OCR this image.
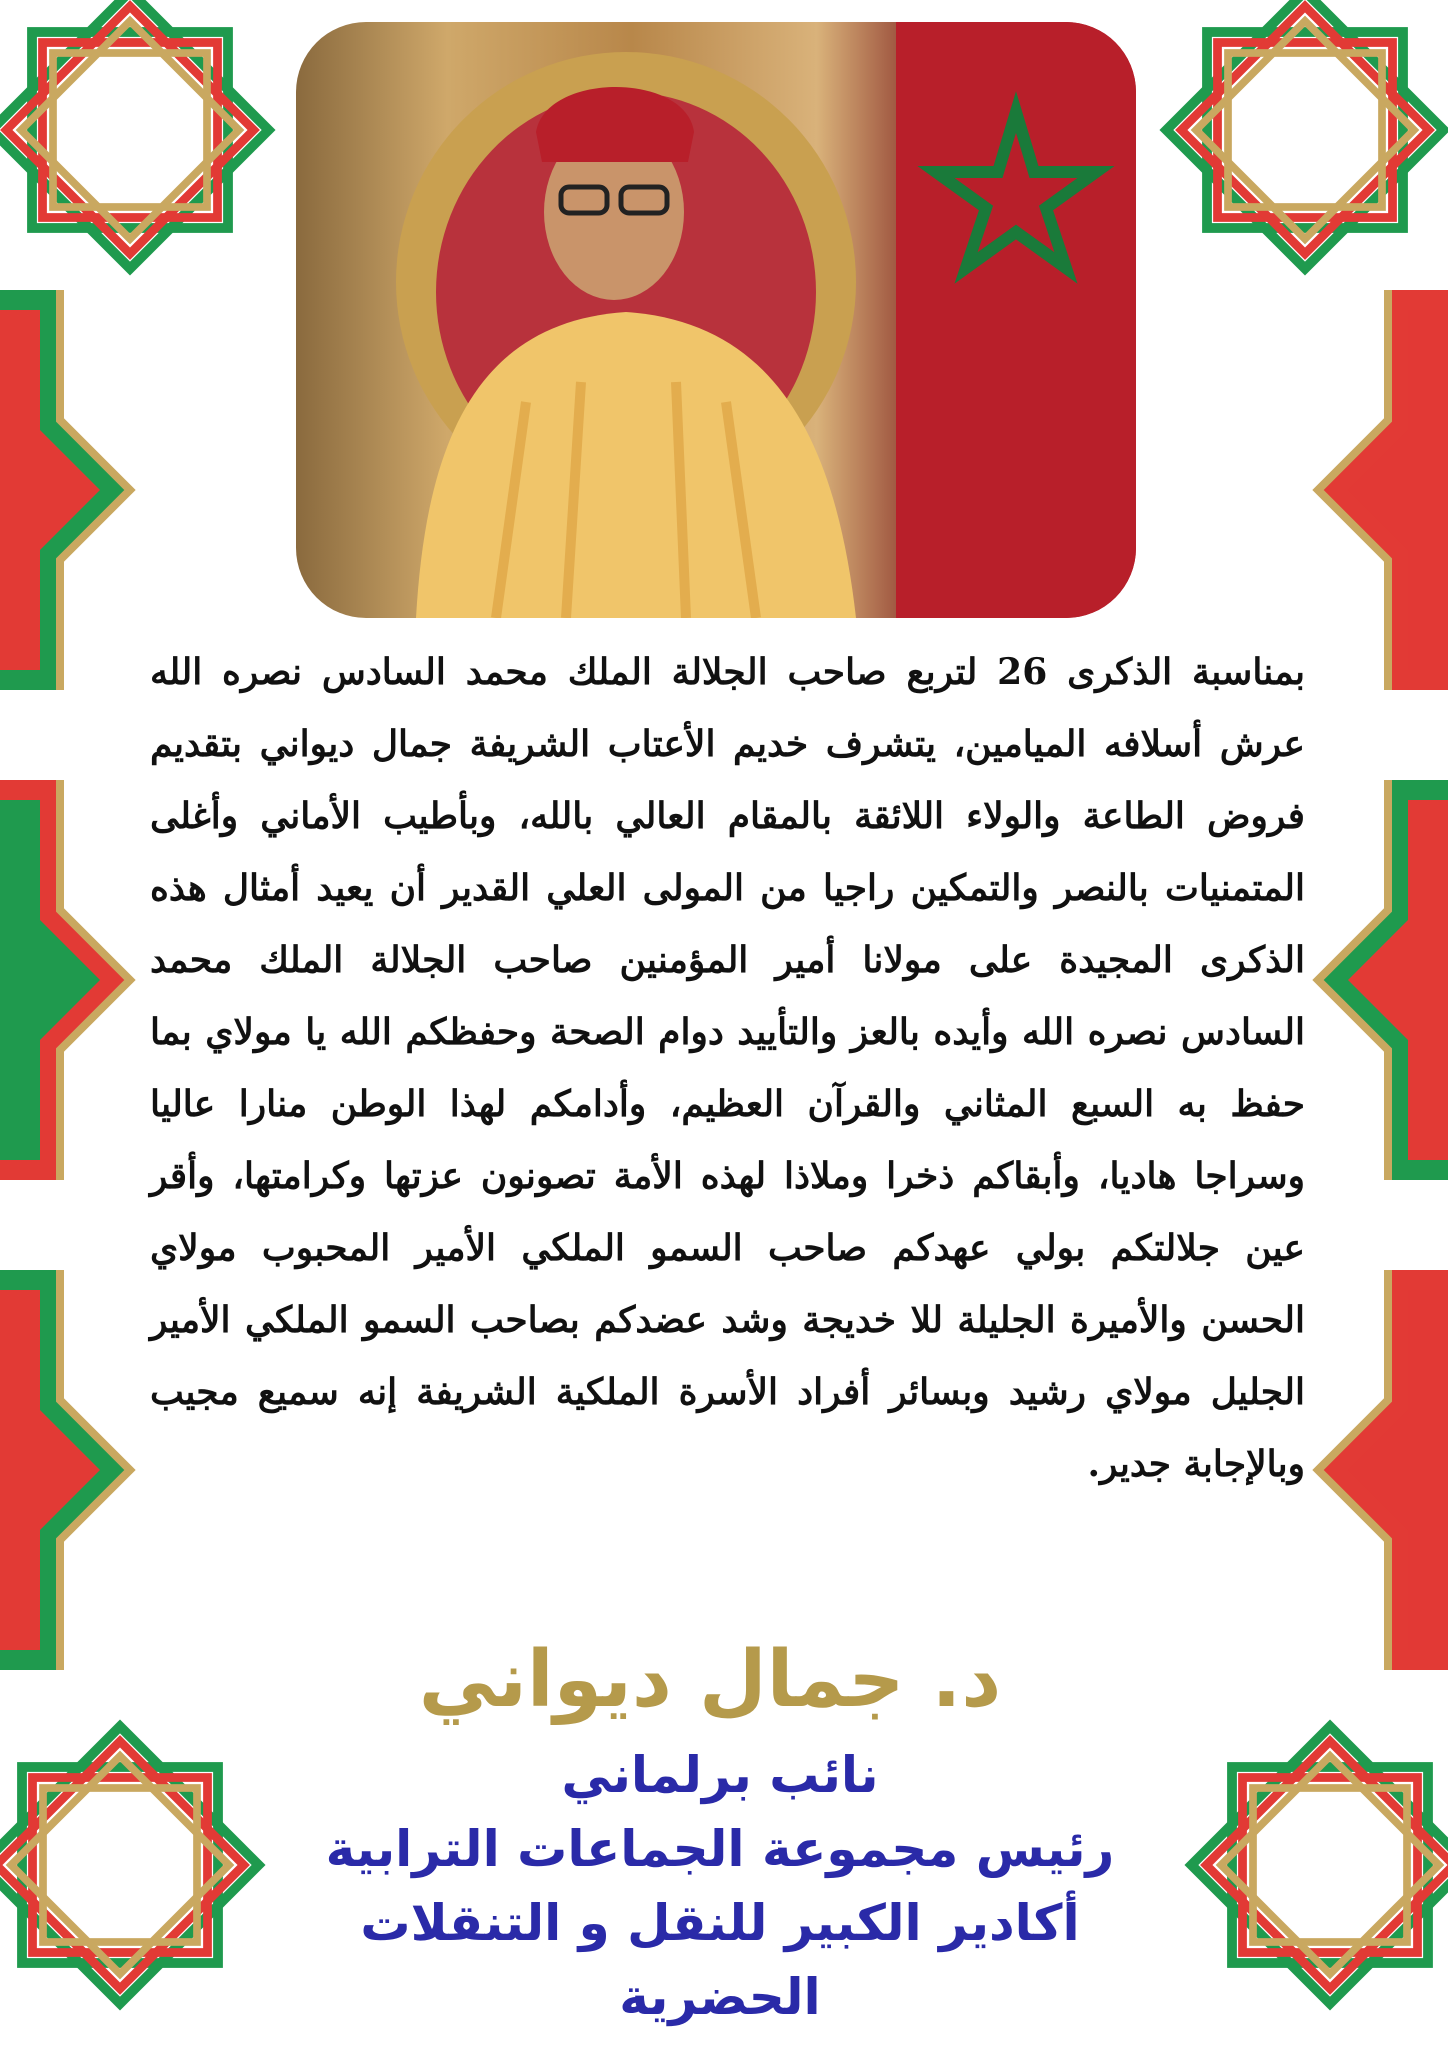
بمناسبة الذكرى 26 لتربع صاحب الجلالة الملك محمد السادس نصره الله عرش أسلافه الميامين، يتشرف خديم الأعتاب الشريفة جمال ديواني بتقديم فروض الطاعة والولاء اللائقة بالمقام العالي بالله، وبأطيب الأماني وأغلى المتمنيات بالنصر والتمكين راجيا من المولى العلي القدير أن يعيد أمثال هذه الذكرى المجيدة على مولانا أمير المؤمنين صاحب الجلالة الملك محمد السادس نصره الله وأيده بالعز والتأييد دوام الصحة وحفظكم الله يا مولاي بما حفظ به السبع المثاني والقرآن العظيم، وأدامكم لهذا الوطن منارا عاليا وسراجا هاديا، وأبقاكم ذخرا وملاذا لهذه الأمة تصونون عزتها وكرامتها، وأقر عين جلالتكم بولي عهدكم صاحب السمو الملكي الأمير المحبوب مولاي الحسن والأميرة الجليلة للا خديجة وشد عضدكم بصاحب السمو الملكي الأمير الجليل مولاي رشيد وبسائر أفراد الأسرة الملكية الشريفة إنه سميع مجيب وبالإجابة جدير.

د. جمال ديواني
نائب برلماني
رئيس مجموعة الجماعات الترابية
أكادير الكبير للنقل و التنقلات
الحضرية
